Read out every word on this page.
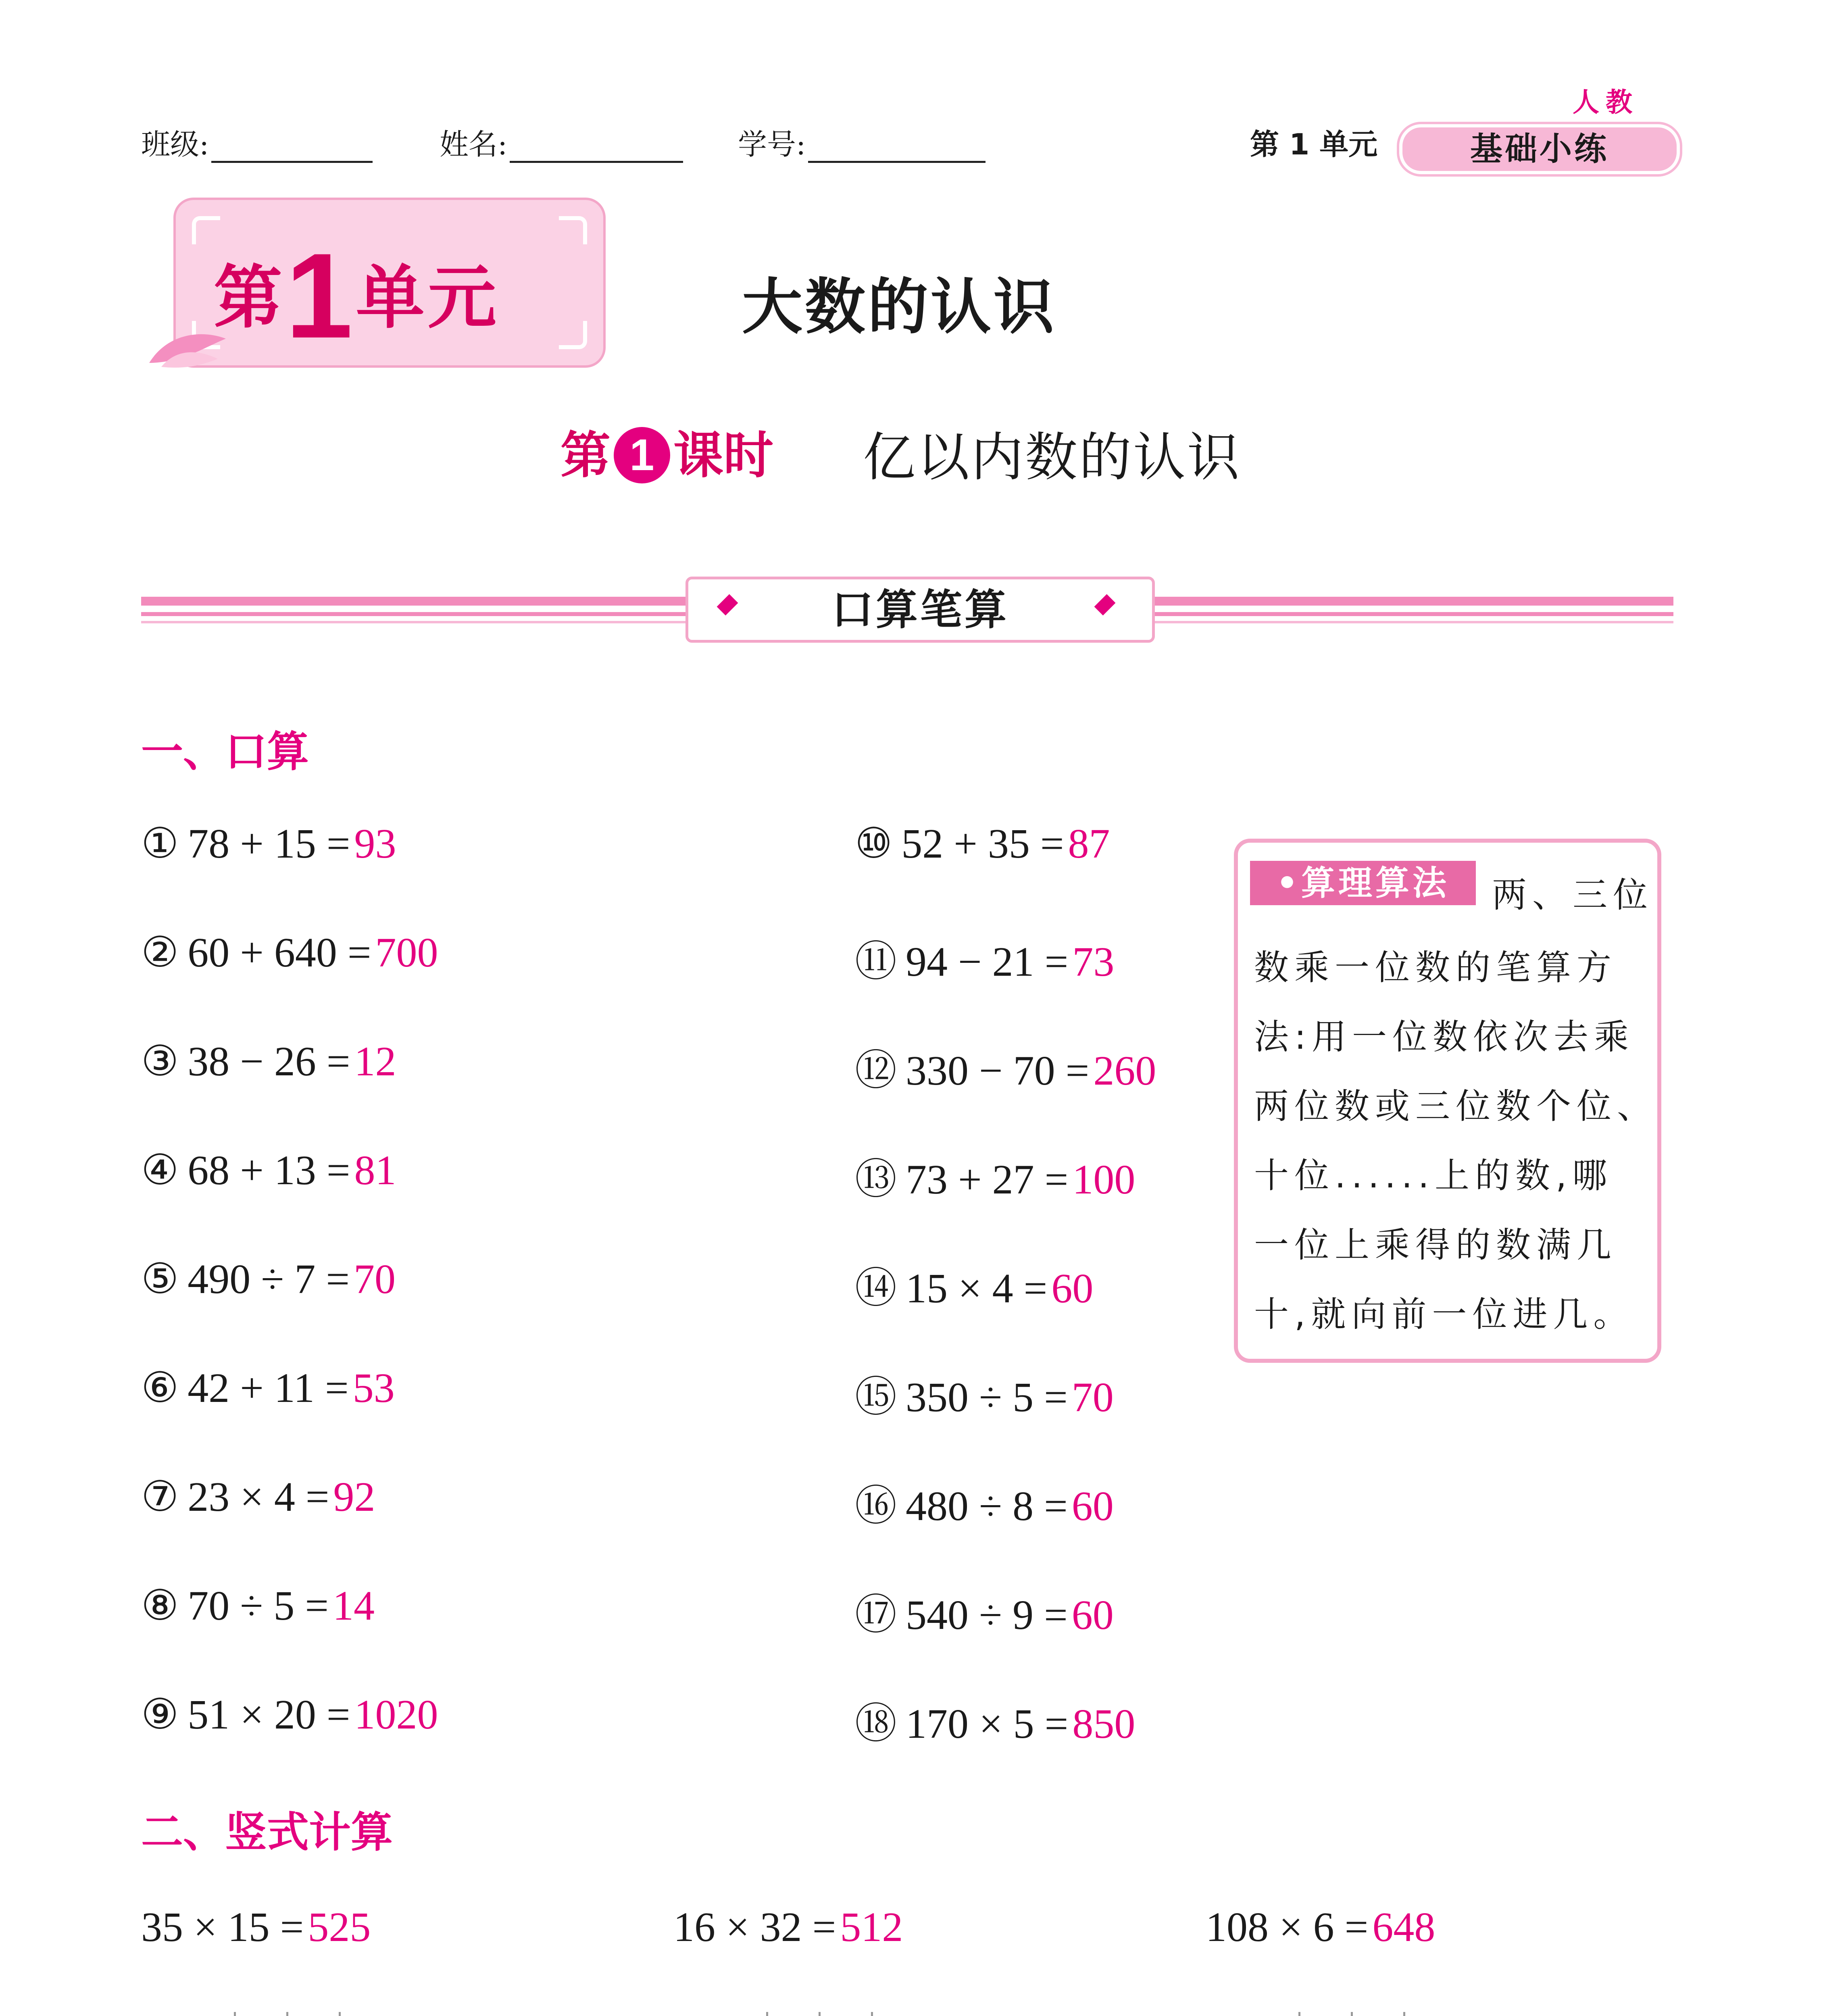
班级:	姓名:	学号:	第 1 单元
人教
基础小练
第1单元	大数的认识
第 1 课时 亿以内数的认识
口算笔算
一、口算
① 78 + 15 =93
② 60 + 640 =700
③ 38 − 26 =12
④ 68 + 13 =81
⑤ 490 ÷ 7 =70
⑥ 42 + 11 =53
⑦ 23 × 4 =92
⑧ 70 ÷ 5 =14
⑨ 51 × 20 =1020
⑩ 52 + 35 =87
⑪ 94 − 21 =73
⑫ 330 − 70 =260
⑬ 73 + 27 =100
⑭ 15 × 4 =60
⑮ 350 ÷ 5 =70
⑯ 480 ÷ 8 =60
⑰ 540 ÷ 9 =60
⑱ 170 × 5 =850
•算理算法	两、三位
数乘一位数的笔算方
法:用一位数依次去乘
两位数或三位数个位、
十位......上的数,哪
一位上乘得的数满几
十,就向前一位进几。
二、竖式计算
35 × 15 =525	16 × 32 =512	108 × 6 =648
